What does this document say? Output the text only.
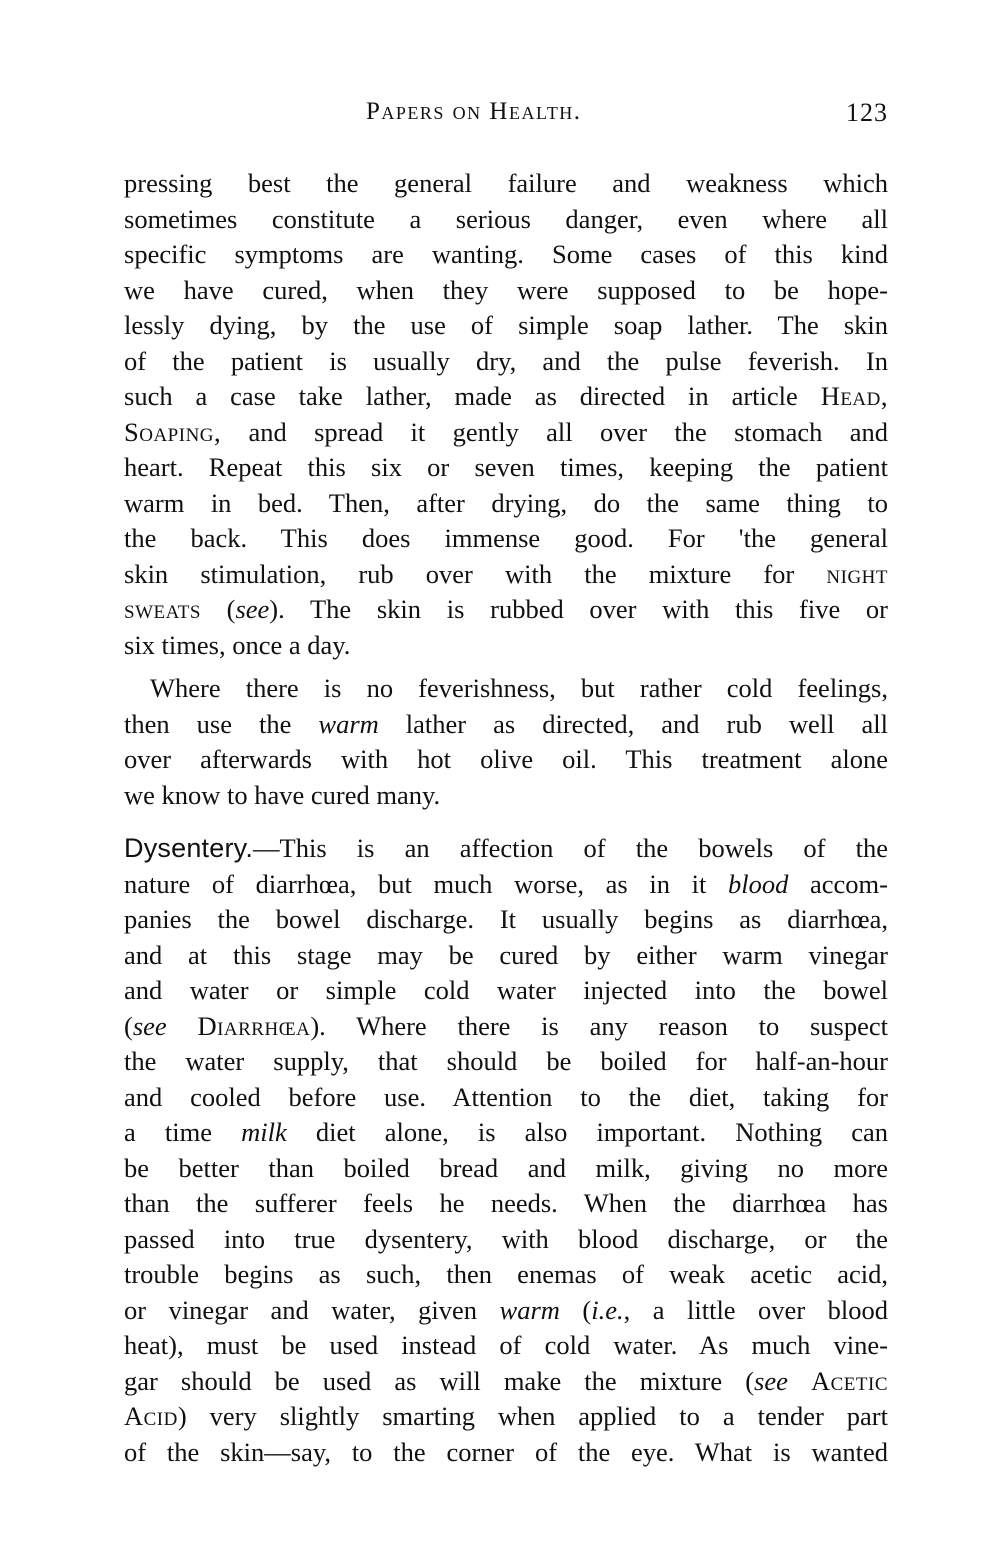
Papers on Health.	123
pressing best the general failure and weakness which
sometimes constitute a serious danger, even where all
specific symptoms are wanting. Some cases of this kind
we have cured, when they were supposed to be hope-
lessly dying, by the use of simple soap lather. The skin
of the patient is usually dry, and the pulse feverish. In
such a case take lather, made as directed in article Head,
Soaping, and spread it gently all over the stomach and
heart. Repeat this six or seven times, keeping the patient
warm in bed. Then, after drying, do the same thing to
the back. This does immense good. For 'the general
skin stimulation, rub over with the mixture for night
sweats (see). The skin is rubbed over with this five or
six times, once a day.
Where there is no feverishness, but rather cold feelings,
then use the warm lather as directed, and rub well all
over afterwards with hot olive oil. This treatment alone
we know to have cured many.
Dysentery.—This is an affection of the bowels of the
nature of diarrhœa, but much worse, as in it blood accom-
panies the bowel discharge. It usually begins as diarrhœa,
and at this stage may be cured by either warm vinegar
and water or simple cold water injected into the bowel
(see Diarrhœa). Where there is any reason to suspect
the water supply, that should be boiled for half-an-hour
and cooled before use. Attention to the diet, taking for
a time milk diet alone, is also important. Nothing can
be better than boiled bread and milk, giving no more
than the sufferer feels he needs. When the diarrhœa has
passed into true dysentery, with blood discharge, or the
trouble begins as such, then enemas of weak acetic acid,
or vinegar and water, given warm (i.e., a little over blood
heat), must be used instead of cold water. As much vine-
gar should be used as will make the mixture (see Acetic
Acid) very slightly smarting when applied to a tender part
of the skin—say, to the corner of the eye. What is wanted
